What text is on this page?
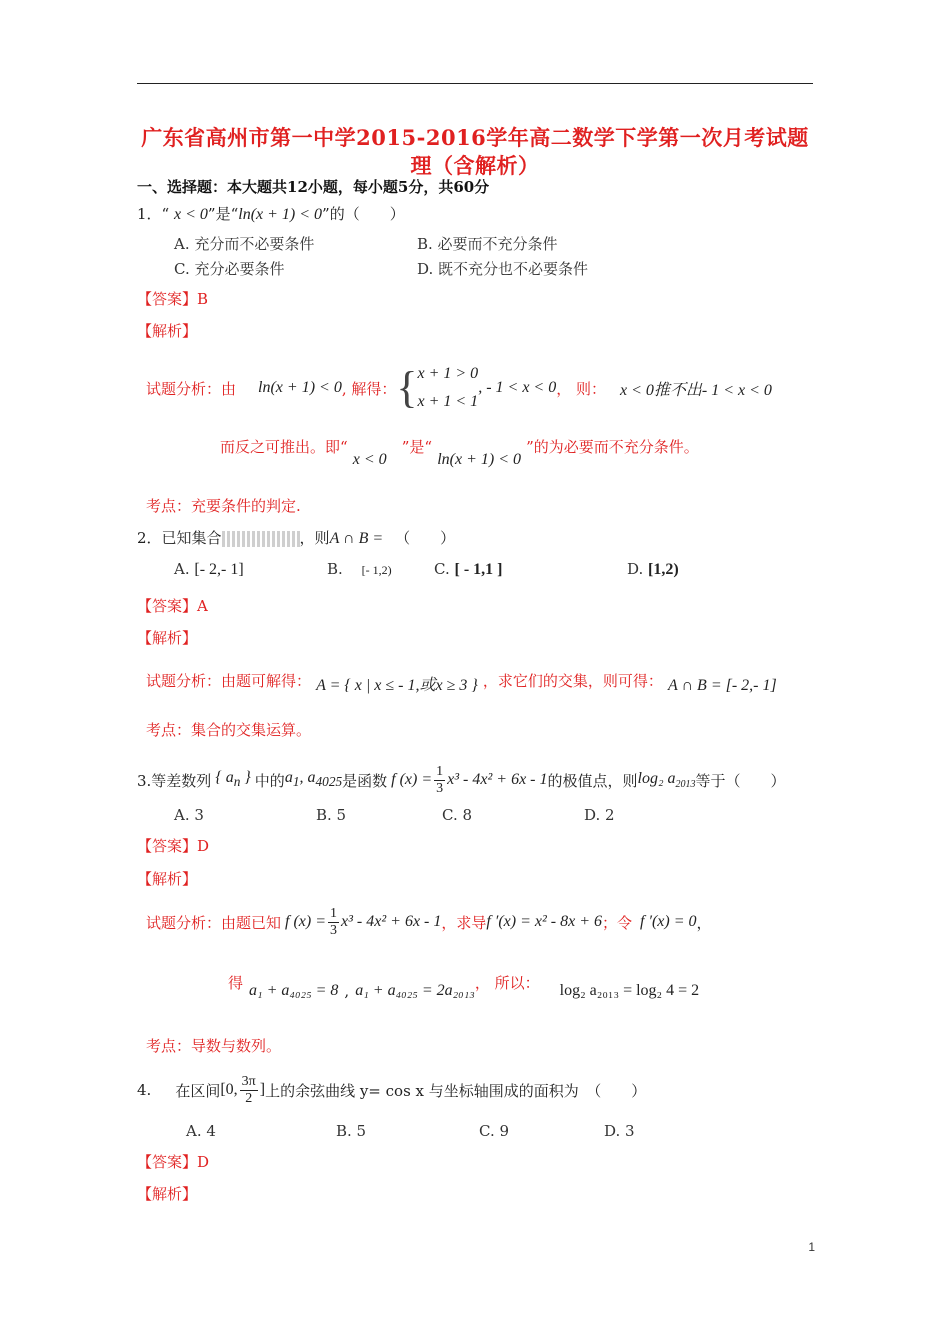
广东省高州市第一中学2015-2016学年高二数学下学第一次月考试题
理（含解析）
一、选择题：本大题共12小题，每小题5分，共60分
1．“ x < 0”是“ln(x + 1) < 0”的（　　）
A. 充分而不必要条件	B. 必要而不充分条件
C. 充分必要条件	D. 既不充分也不必要条件
【答案】B
【解析】
试题分析：由 ln(x + 1) < 0 , 解得： { x + 1 > 0
x + 1 < 1
, - 1 < x < 0 ， 则： x < 0推不出- 1 < x < 0
而反之可推出。即“ x < 0 ”是“ ln(x + 1) < 0 ”的为必要而不充分条件。
考点：充要条件的判定.
2．已知集合	，则A ∩ B = （　　）
A. [- 2,- 1]	B. [- 1,2)	C. [ - 1,1 ]	D. [1,2)
【答案】A
【解析】
试题分析：由题可解得： A = { x | x ≤ - 1,或x ≥ 3 } ，求它们的交集，则可得： A ∩ B = [- 2,- 1]
考点：集合的交集运算。
3.等差数列 { $a_n$ } 中的 $a_1$, $a_{4025}$ 是函数 f $(x) = \frac{1}{3} x^3 - 4x^2 + 6x - 1$ 的极值点，则 log₂ $a_{2013}$ 等于（　　）
A. 3	B. 5	C. 8	D. 2
【答案】D
【解析】
试题分析：由题已知 f $(x) = \frac{1}{3} x^3 - 4x^2 + 6x - 1$ ，求导 f ′(x) = x² - 8x + 6 ；令 f ′(x) = 0 ，
得 a₁ + a₄₀₂₅ = 8 , a₁ + a₄₀₂₅ = 2a₂₀₁₃ ， 所以： log₂ a₂₀₁₃ = log₂ 4 = 2
考点：导数与数列。
4. 在区间 [0, $\frac{3\pi}{2}$ ] 上的余弦曲线 y= cos x 与坐标轴围成的面积为　（　　）
A. 4	B. 5	C. 9	D. 3
【答案】D
【解析】
1
